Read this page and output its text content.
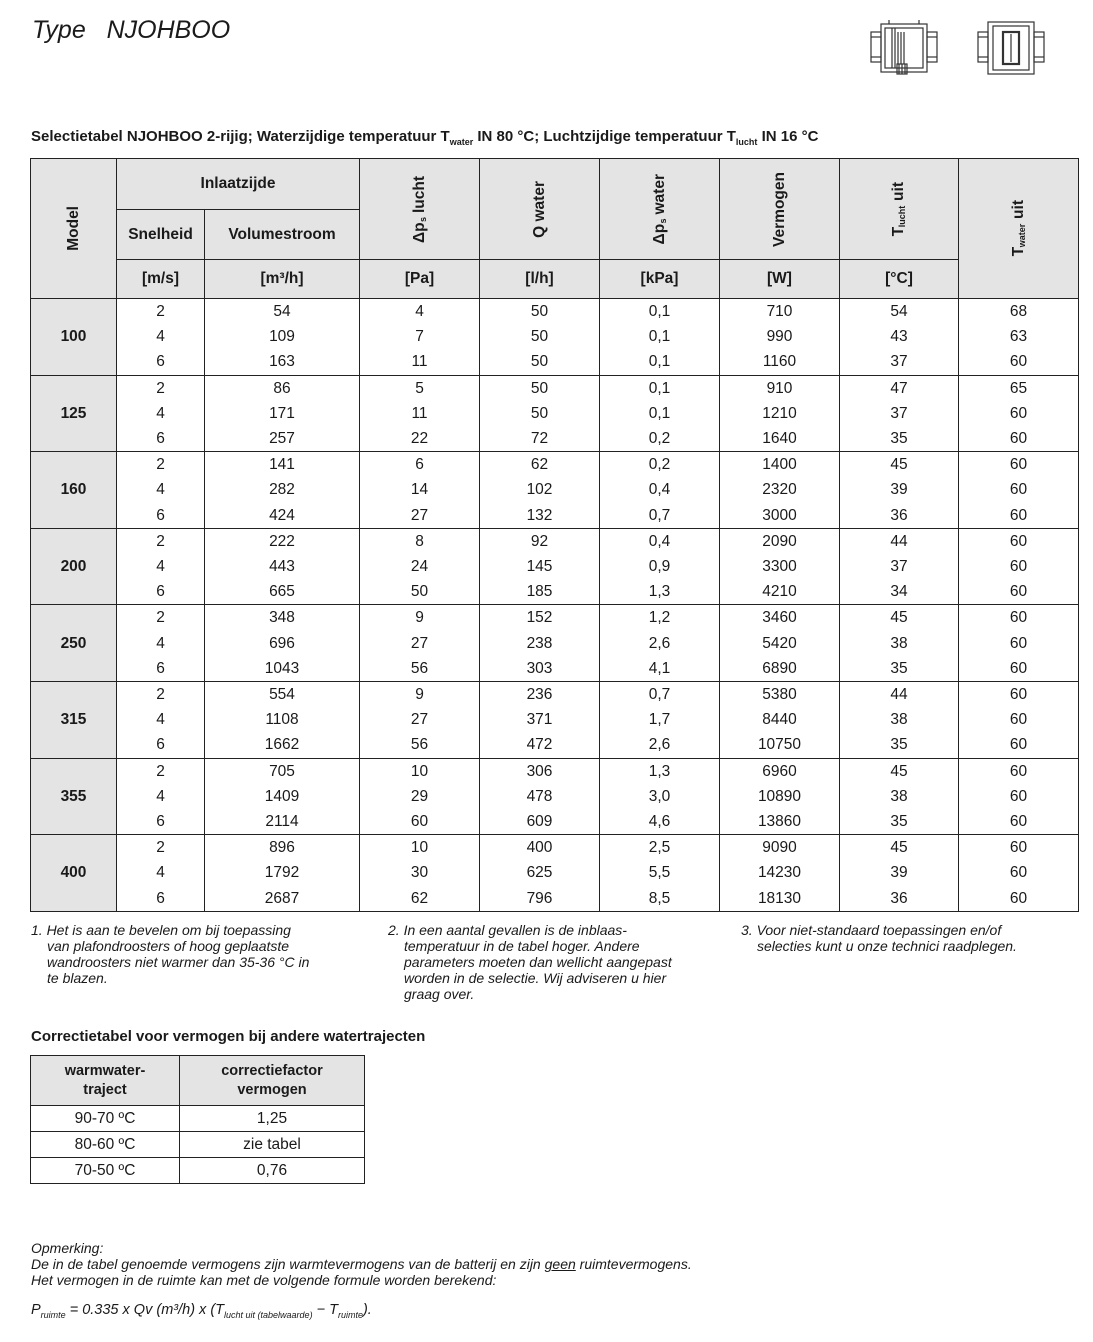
Type NJOHBOO
Selectietabel NJOHBOO 2-rijig; Waterzijdige temperatuur $T_{water}$ IN 80 °C; Luchtzijdige temperatuur $T_{lucht}$ IN 16 °C
Model	Inlaatzijde		Δps lucht	Q water	Δps water	Vermogen	Tlucht uit	Twater uit

	Snelheid	Volumestroom						
	[m/s]	[m³/h]	[Pa]	[l/h]	[kPa]	[W]	[°C]	
100	2	54	4	50	0,1	710	54	68
	4	109	7	50	0,1	990	43	63
	6	163	11	50	0,1	1160	37	60
125	2	86	5	50	0,1	910	47	65
	4	171	11	50	0,1	1210	37	60
	6	257	22	72	0,2	1640	35	60
160	2	141	6	62	0,2	1400	45	60
	4	282	14	102	0,4	2320	39	60
	6	424	27	132	0,7	3000	36	60
200	2	222	8	92	0,4	2090	44	60
	4	443	24	145	0,9	3300	37	60
	6	665	50	185	1,3	4210	34	60
250	2	348	9	152	1,2	3460	45	60
	4	696	27	238	2,6	5420	38	60
	6	1043	56	303	4,1	6890	35	60
315	2	554	9	236	0,7	5380	44	60
	4	1108	27	371	1,7	8440	38	60
	6	1662	56	472	2,6	10750	35	60
355	2	705	10	306	1,3	6960	45	60
	4	1409	29	478	3,0	10890	38	60
	6	2114	60	609	4,6	13860	35	60
400	2	896	10	400	2,5	9090	45	60
	4	1792	30	625	5,5	14230	39	60
	6	2687	62	796	8,5	18130	36	60
1. Het is aan te bevelen om bij toepassing
van plafondroosters of hoog geplaatste
wandroosters niet warmer dan 35-36 °C in
te blazen.
2. In een aantal gevallen is de inblaas-
temperatuur in de tabel hoger. Andere
parameters moeten dan wellicht aangepast
worden in de selectie. Wij adviseren u hier
graag over.
3. Voor niet-standaard toepassingen en/of
selecties kunt u onze technici raadplegen.
Correctietabel voor vermogen bij andere watertrajecten
warmwater-
traject	correctiefactor
vermogen

90-70 ºC	1,25
80-60 ºC	zie tabel
70-50 ºC	0,76
Opmerking:
De in de tabel genoemde vermogens zijn warmtevermogens van de batterij en zijn geen ruimtevermogens.
Het vermogen in de ruimte kan met de volgende formule worden berekend:
$P_{ruimte} = 0.335$ x Qv (m³/h) x $(T_{lucht uit (tabelwaarde)} - T_{ruimte})$.
